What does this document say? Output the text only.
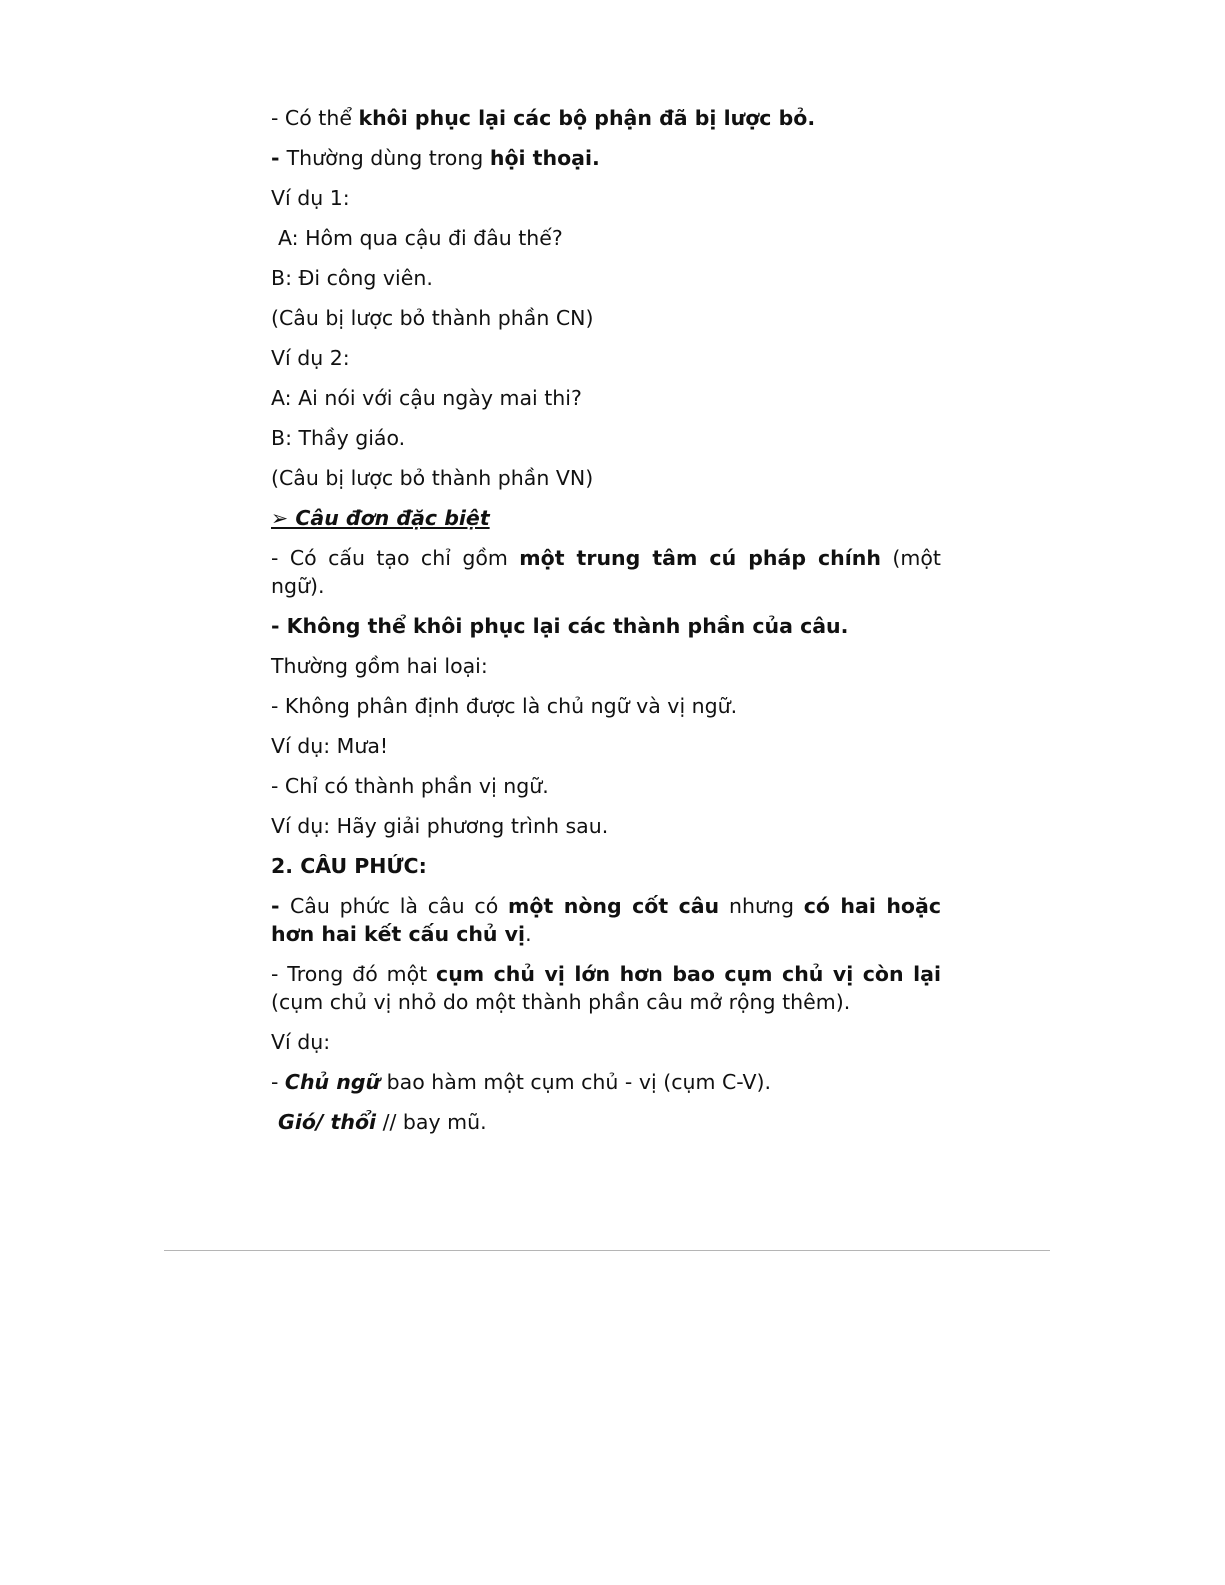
- Có thể khôi phục lại các bộ phận đã bị lược bỏ.

- Thường dùng trong hội thoại.

Ví dụ 1:

A: Hôm qua cậu đi đâu thế?

B: Đi công viên.

(Câu bị lược bỏ thành phần CN)

Ví dụ 2:

A: Ai nói với cậu ngày mai thi?

B: Thầy giáo.

(Câu bị lược bỏ thành phần VN)

➢ Câu đơn đặc biệt

- Có cấu tạo chỉ gồm một trung tâm cú pháp chính (một ngữ).

- Không thể khôi phục lại các thành phần của câu.

Thường gồm hai loại:

- Không phân định được là chủ ngữ và vị ngữ.

Ví dụ: Mưa!

- Chỉ có thành phần vị ngữ.

Ví dụ: Hãy giải phương trình sau.

2. CÂU PHỨC:

- Câu phức là câu có một nòng cốt câu nhưng có hai hoặc hơn hai kết cấu chủ vị.

- Trong đó một cụm chủ vị lớn hơn bao cụm chủ vị còn lại (cụm chủ vị nhỏ do một thành phần câu mở rộng thêm).

Ví dụ:

- Chủ ngữ bao hàm một cụm chủ - vị (cụm C-V).

Gió/ thổi // bay mũ.
